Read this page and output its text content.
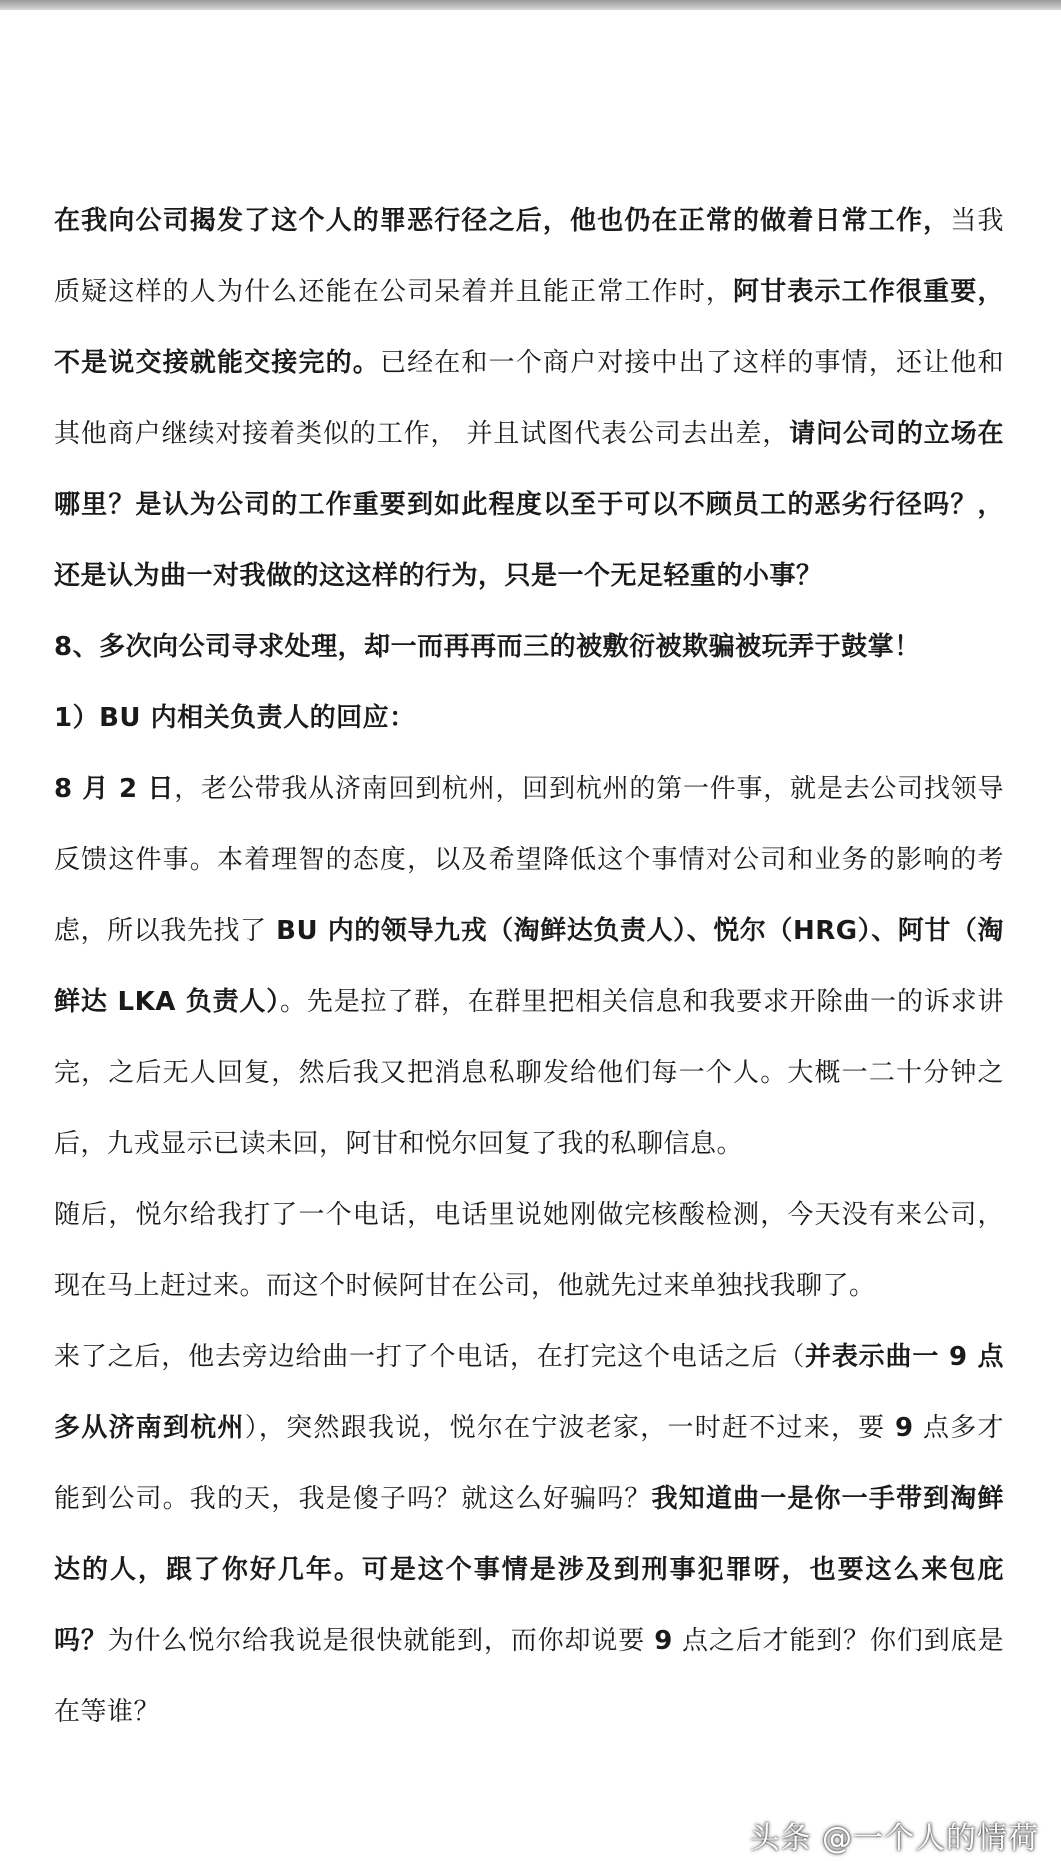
在我向公司揭发了这个人的罪恶行径之后，他也仍在正常的做着日常工作，当我质疑这样的人为什么还能在公司呆着并且能正常工作时，阿甘表示工作很重要，不是说交接就能交接完的。已经在和一个商户对接中出了这样的事情，还让他和其他商户继续对接着类似的工作， 并且试图代表公司去出差，请问公司的立场在哪里？是认为公司的工作重要到如此程度以至于可以不顾员工的恶劣行径吗？，还是认为曲一对我做的这这样的行为，只是一个无足轻重的小事？

8、多次向公司寻求处理，却一而再再而三的被敷衍被欺骗被玩弄于鼓掌！

1）BU 内相关负责人的回应：

8 月 2 日，老公带我从济南回到杭州，回到杭州的第一件事，就是去公司找领导反馈这件事。本着理智的态度，以及希望降低这个事情对公司和业务的影响的考虑，所以我先找了 BU 内的领导九戎（淘鲜达负责人）、悦尔（HRG）、阿甘（淘鲜达 LKA 负责人）。先是拉了群，在群里把相关信息和我要求开除曲一的诉求讲完，之后无人回复，然后我又把消息私聊发给他们每一个人。大概一二十分钟之后，九戎显示已读未回，阿甘和悦尔回复了我的私聊信息。

随后，悦尔给我打了一个电话，电话里说她刚做完核酸检测，今天没有来公司，现在马上赶过来。而这个时候阿甘在公司，他就先过来单独找我聊了。

来了之后，他去旁边给曲一打了个电话，在打完这个电话之后（并表示曲一 9 点多从济南到杭州），突然跟我说，悦尔在宁波老家，一时赶不过来，要 9 点多才能到公司。我的天，我是傻子吗？就这么好骗吗？我知道曲一是你一手带到淘鲜达的人，跟了你好几年。可是这个事情是涉及到刑事犯罪呀，也要这么来包庇吗？为什么悦尔给我说是很快就能到，而你却说要 9 点之后才能到？你们到底是在等谁？

头条 @一个人的情荷
